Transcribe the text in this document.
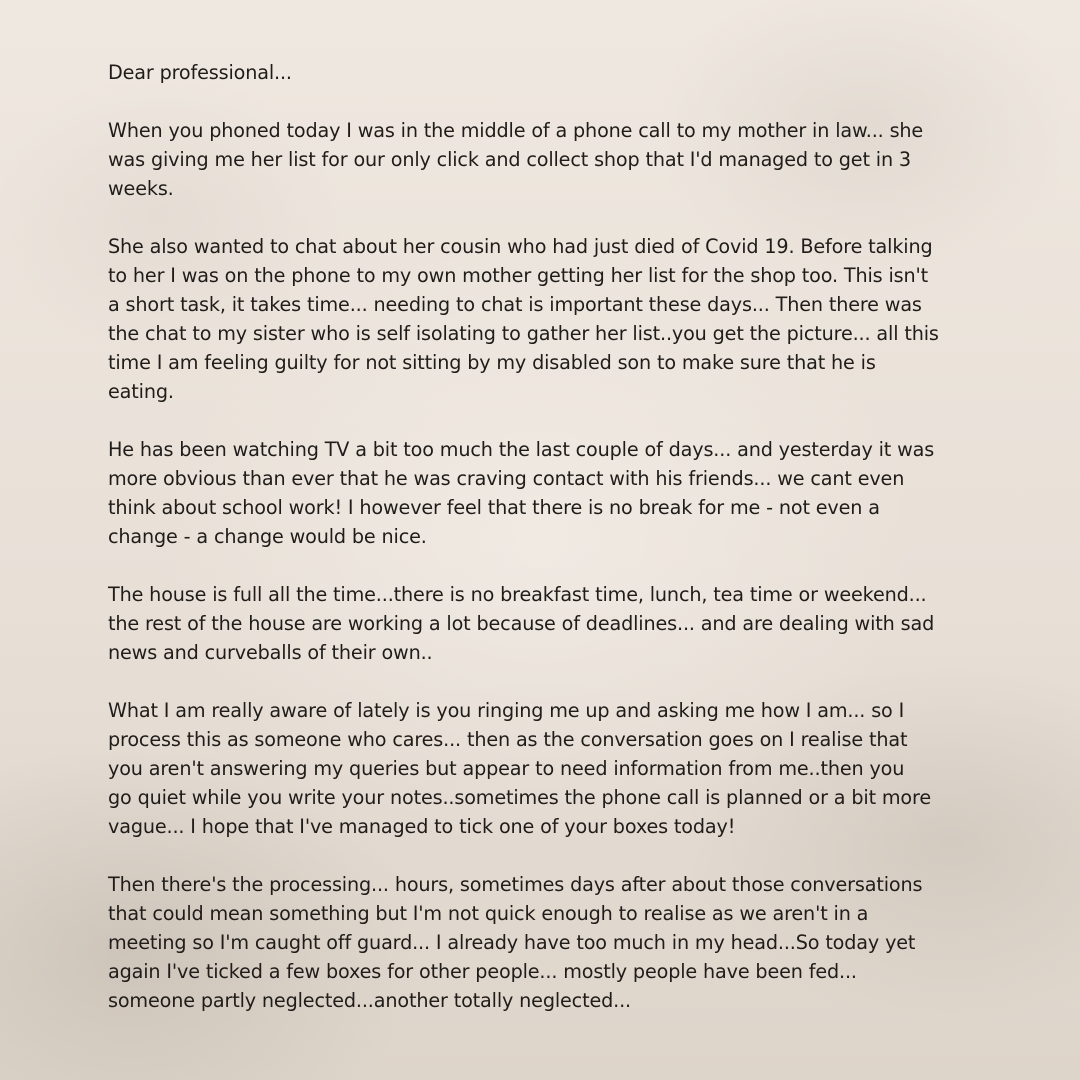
Dear professional...

When you phoned today I was in the middle of a phone call to my mother in law... she
was giving me her list for our only click and collect shop that I'd managed to get in 3
weeks.

She also wanted to chat about her cousin who had just died of Covid 19. Before talking
to her I was on the phone to my own mother getting her list for the shop too. This isn't
a short task, it takes time... needing to chat is important these days... Then there was
the chat to my sister who is self isolating to gather her list..you get the picture... all this
time I am feeling guilty for not sitting by my disabled son to make sure that he is
eating.

He has been watching TV a bit too much the last couple of days... and yesterday it was
more obvious than ever that he was craving contact with his friends... we cant even
think about school work! I however feel that there is no break for me - not even a
change - a change would be nice.

The house is full all the time...there is no breakfast time, lunch, tea time or weekend...
the rest of the house are working a lot because of deadlines... and are dealing with sad
news and curveballs of their own..

What I am really aware of lately is you ringing me up and asking me how I am... so I
process this as someone who cares... then as the conversation goes on I realise that
you aren't answering my queries but appear to need information from me..then you
go quiet while you write your notes..sometimes the phone call is planned or a bit more
vague... I hope that I've managed to tick one of your boxes today!

Then there's the processing... hours, sometimes days after about those conversations
that could mean something but I'm not quick enough to realise as we aren't in a
meeting so I'm caught off guard... I already have too much in my head...So today yet
again I've ticked a few boxes for other people... mostly people have been fed...
someone partly neglected...another totally neglected...
